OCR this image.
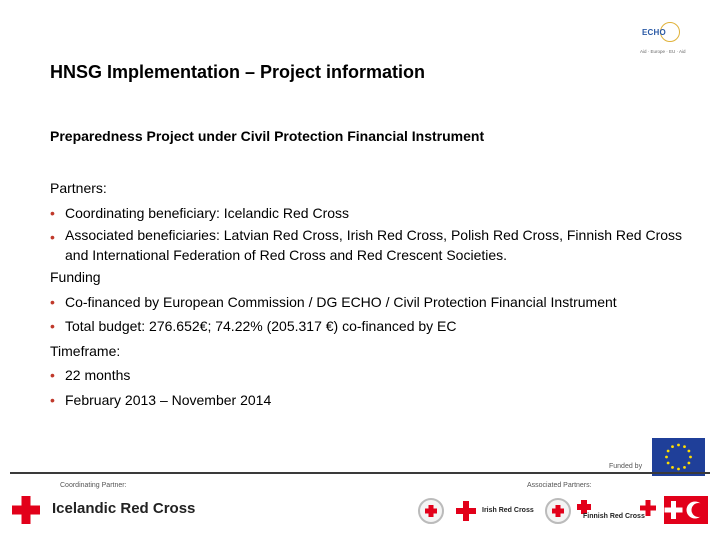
ECHO
Aid · Europe · EU · Aid
HNSG Implementation – Project information
Preparedness Project under Civil Protection Financial Instrument
Partners:
• Coordinating beneficiary: Icelandic Red Cross
• Associated beneficiaries: Latvian Red Cross, Irish Red Cross, Polish Red Cross, Finnish Red Cross and International Federation of Red Cross and Red Crescent Societies.
Funding
• Co-financed by European Commission / DG ECHO / Civil Protection Financial Instrument
• Total budget: 276.652€; 74.22% (205.317 €) co-financed by EC
Timeframe:
• 22 months
• February 2013 – November 2014
Funded by
Coordinating Partner:	Associated Partners:
Icelandic Red Cross	Irish Red Cross
Finnish Red Cross
